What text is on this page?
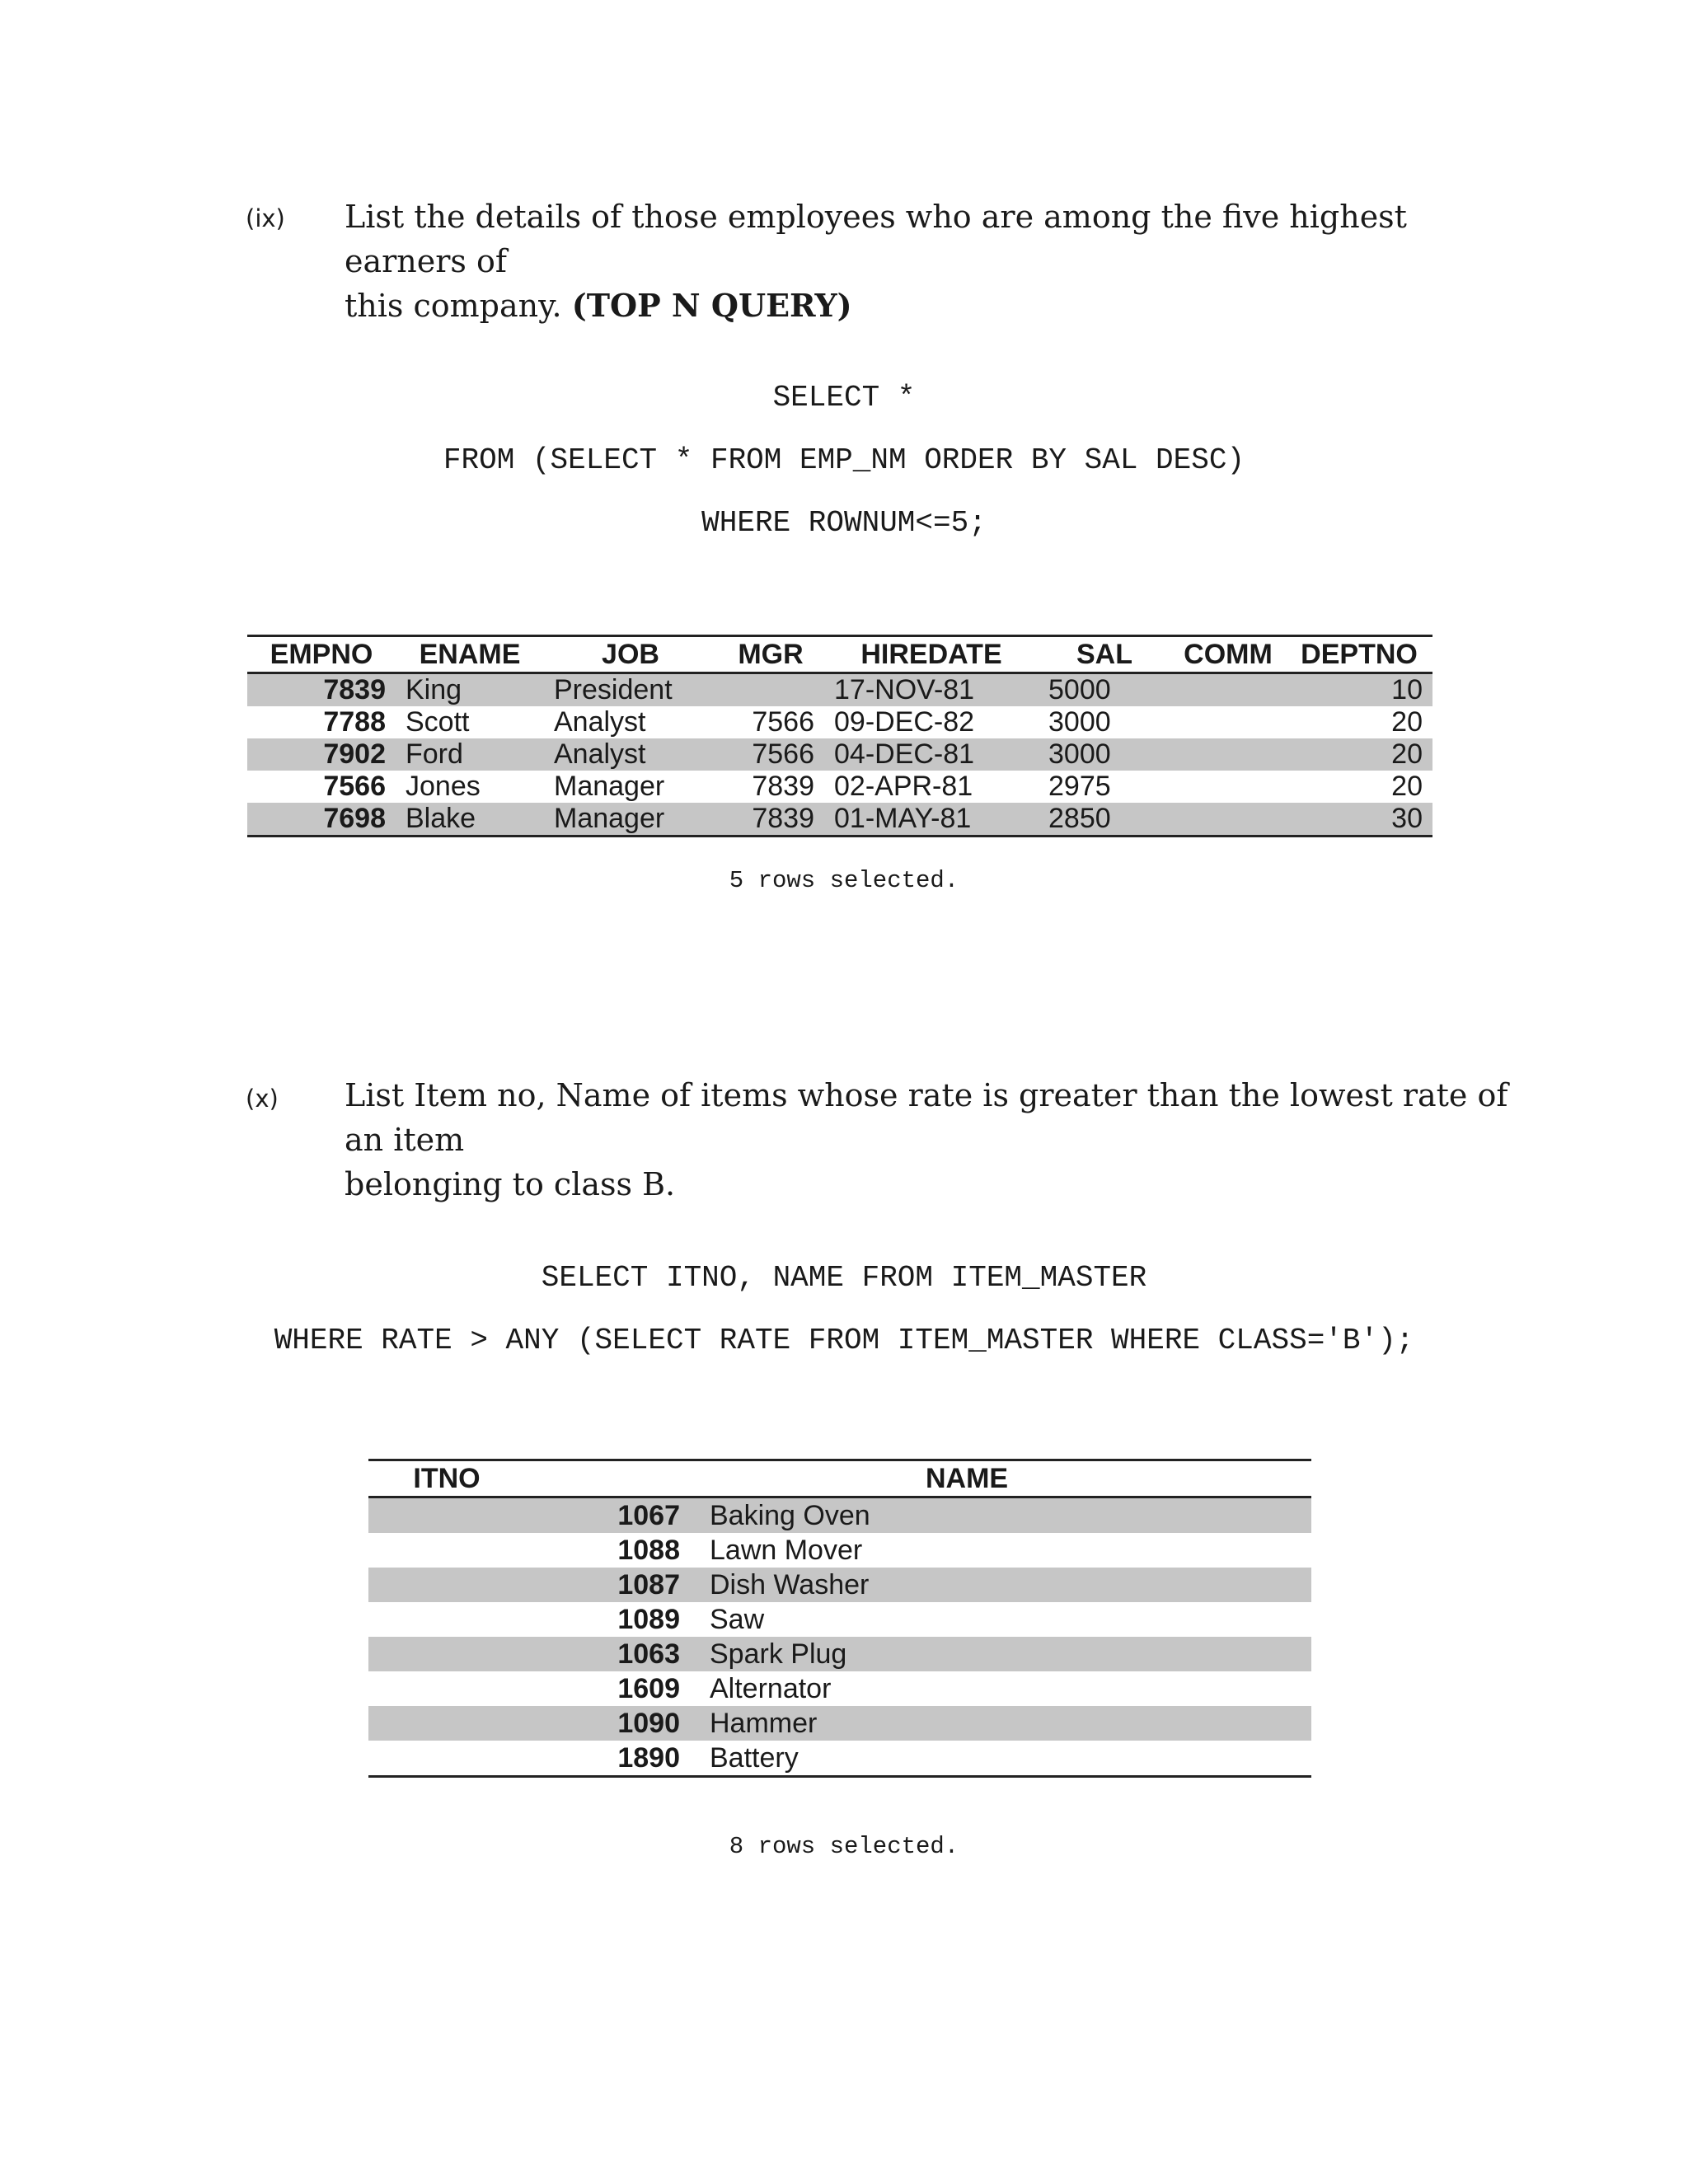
(ix) List the details of those employees who are among the five highest earners of
this company. (TOP N QUERY)
SELECT *
FROM (SELECT * FROM EMP_NM ORDER BY SAL DESC)
WHERE ROWNUM<=5;
EMPNO	ENAME	JOB	MGR	HIREDATE	SAL	COMM	DEPTNO
7839	King	President		17-NOV-81	5000		10
7788	Scott	Analyst	7566	09-DEC-82	3000		20
7902	Ford	Analyst	7566	04-DEC-81	3000		20
7566	Jones	Manager	7839	02-APR-81	2975		20
7698	Blake	Manager	7839	01-MAY-81	2850		30
5 rows selected.
(x) List Item no, Name of items whose rate is greater than the lowest rate of an item
belonging to class B.
SELECT ITNO, NAME FROM ITEM_MASTER
WHERE RATE > ANY (SELECT RATE FROM ITEM_MASTER WHERE CLASS='B');
ITNO	NAME
1067	Baking Oven
1088	Lawn Mover
1087	Dish Washer
1089	Saw
1063	Spark Plug
1609	Alternator
1090	Hammer
1890	Battery
8 rows selected.
